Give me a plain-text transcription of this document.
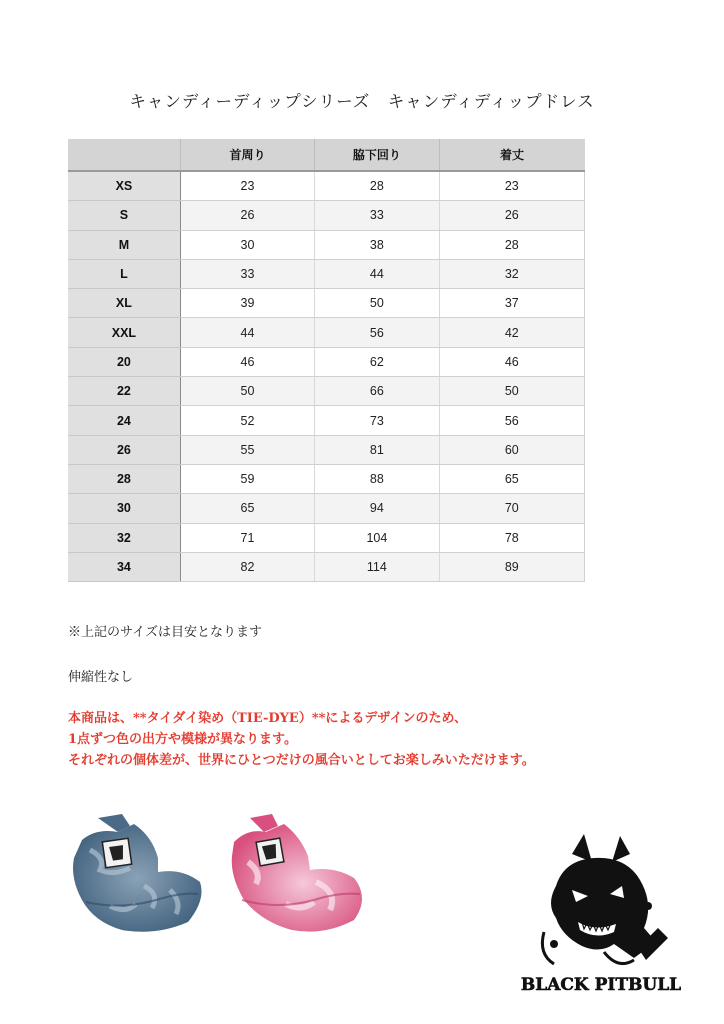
キャンディーディップシリーズ　キャンディディップドレス
	首周り	脇下回り	着丈
XS	23	28	23
S	26	33	26
M	30	38	28
L	33	44	32
XL	39	50	37
XXL	44	56	42
20	46	62	46
22	50	66	50
24	52	73	56
26	55	81	60
28	59	88	65
30	65	94	70
32	71	104	78
34	82	114	89
※上記のサイズは目安となります
伸縮性なし
本商品は、**タイダイ染め（TIE-DYE）**によるデザインのため、
1点ずつ色の出方や模様が異なります。
それぞれの個体差が、世界にひとつだけの風合いとしてお楽しみいただけます。
BLACK PITBULL
